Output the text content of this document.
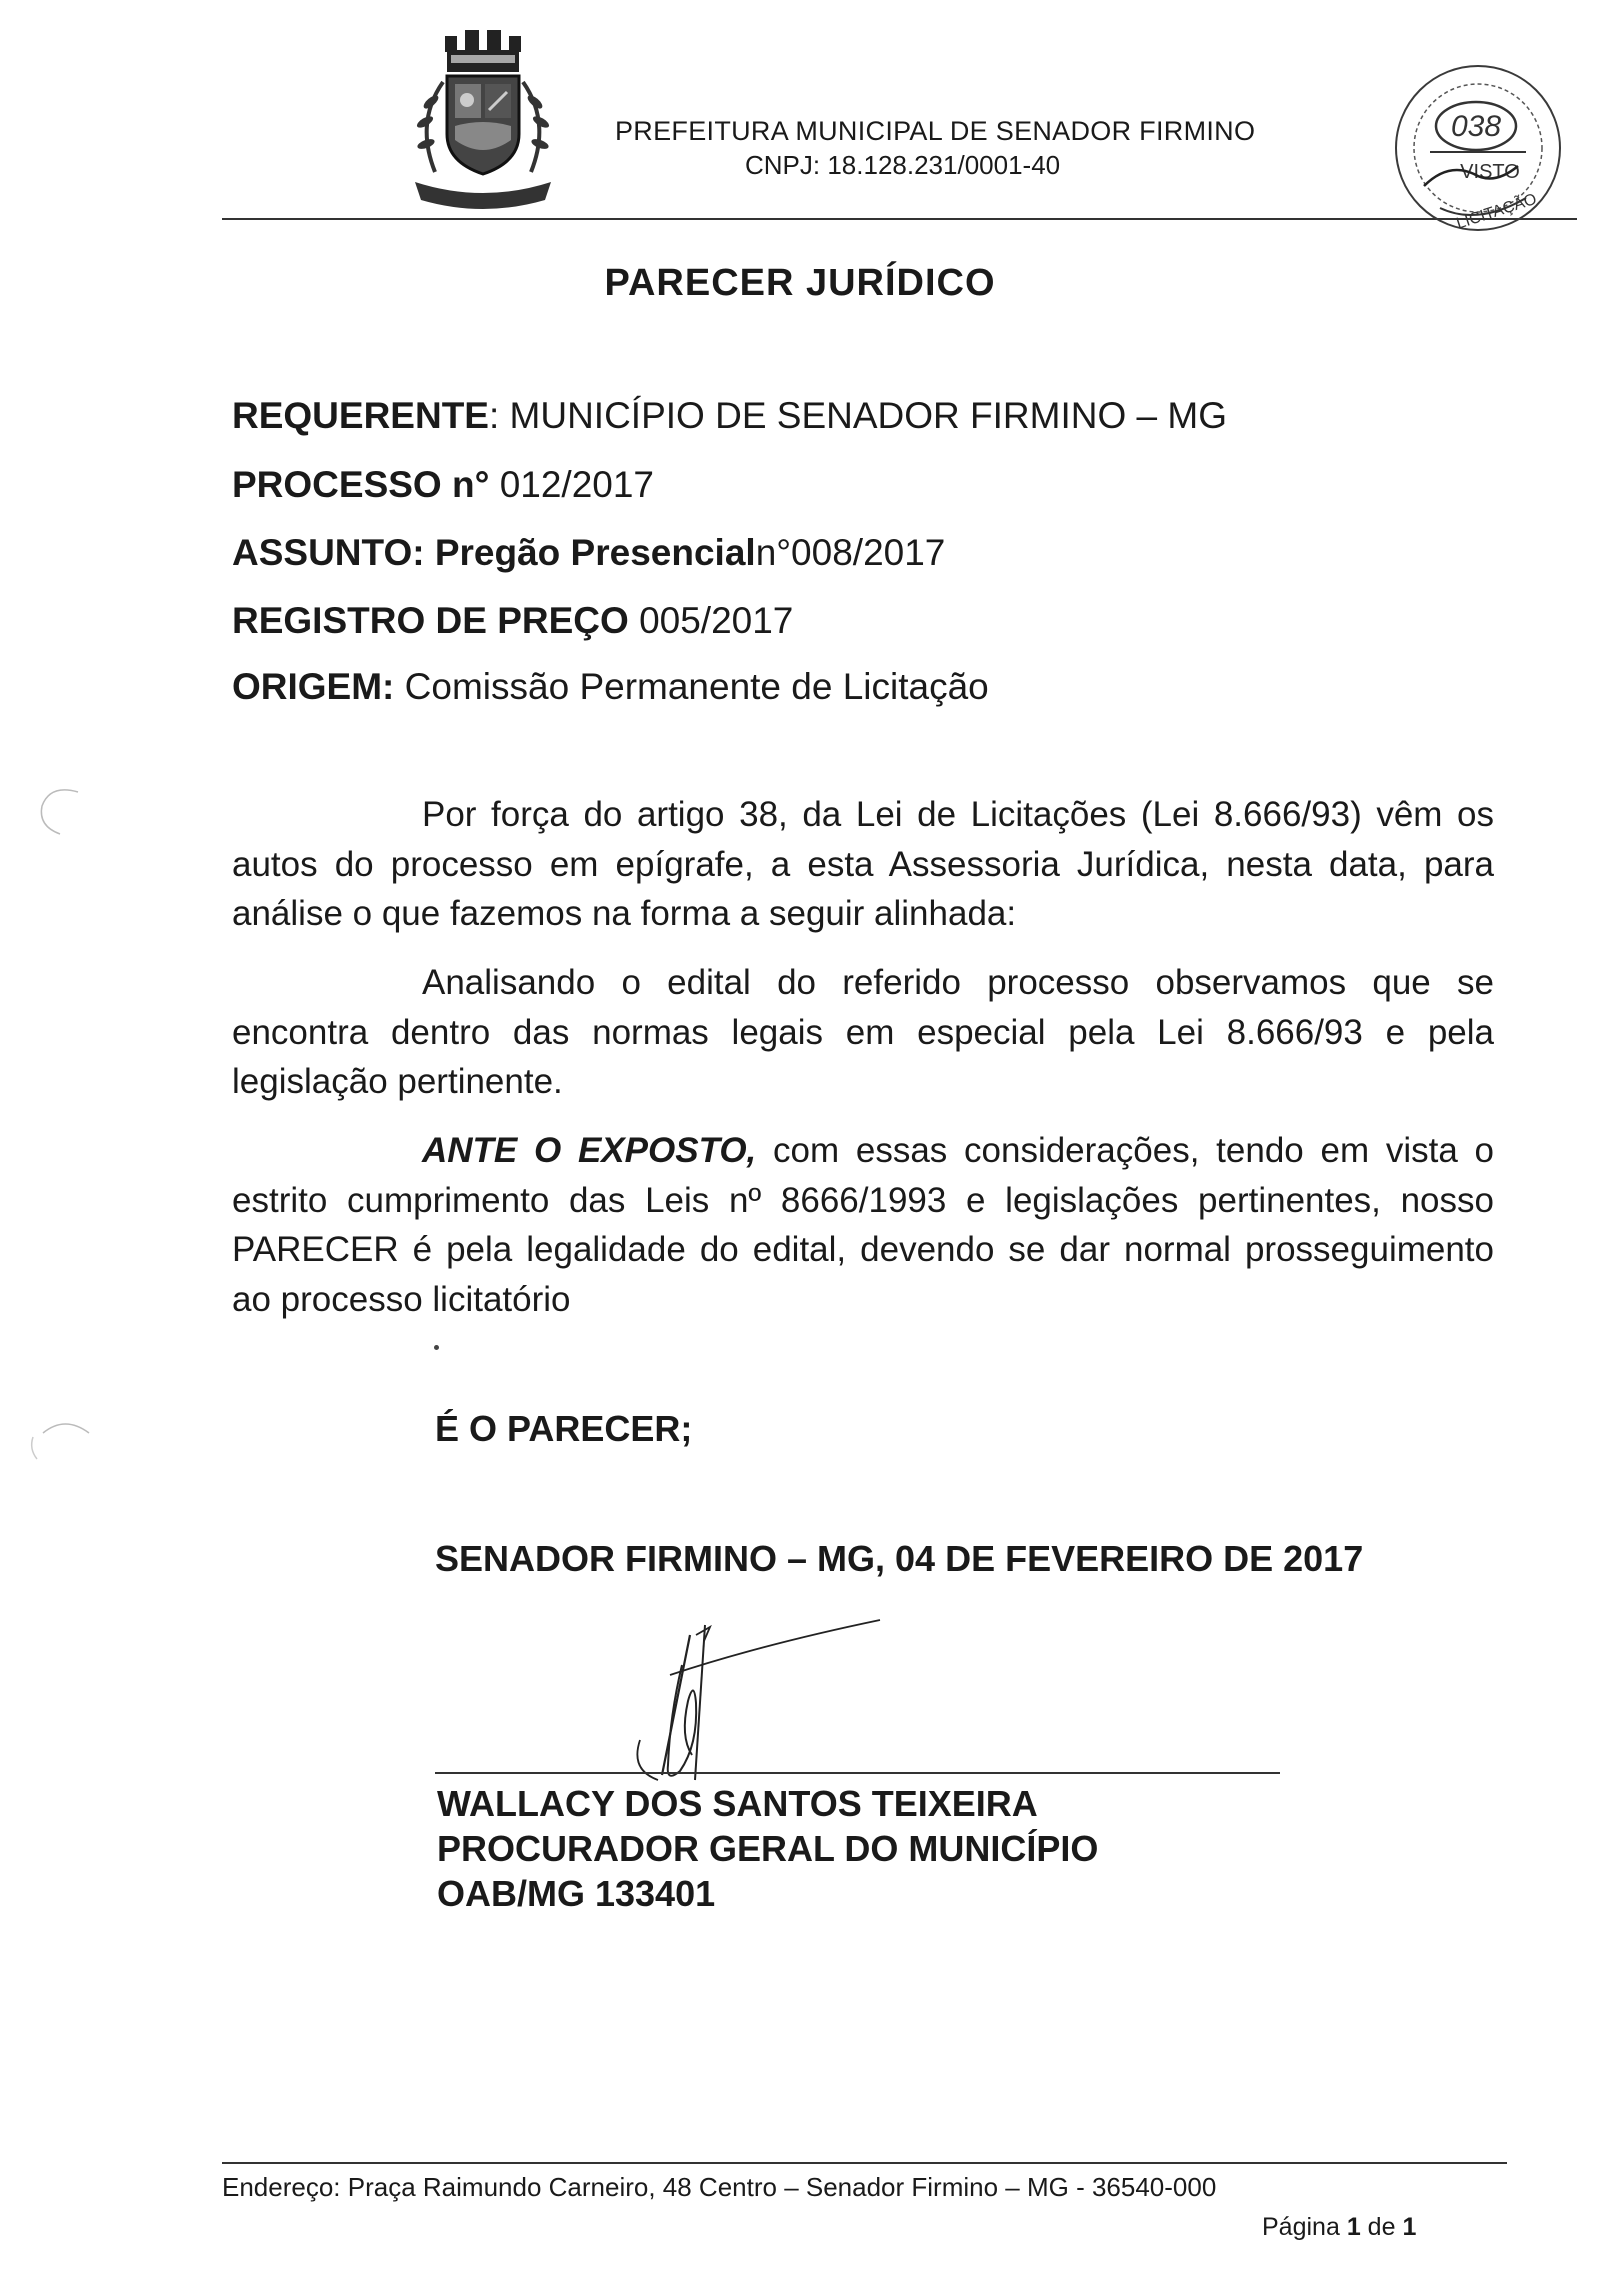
PREFEITURA MUNICIPAL DE SENADOR FIRMINO
CNPJ: 18.128.231/0001-40
038
VISTO
LICITAÇÃO
PARECER JURÍDICO
REQUERENTE: MUNICÍPIO DE SENADOR FIRMINO – MG
PROCESSO n° 012/2017
ASSUNTO: Pregão Presencialn°008/2017
REGISTRO DE PREÇO 005/2017
ORIGEM: Comissão Permanente de Licitação
Por força do artigo 38, da Lei de Licitações (Lei 8.666/93) vêm os autos do processo em epígrafe, a esta Assessoria Jurídica, nesta data, para análise o que fazemos na forma a seguir alinhada:
Analisando o edital do referido processo observamos que se encontra dentro das normas legais em especial pela Lei 8.666/93 e pela legislação pertinente.
ANTE O EXPOSTO, com essas considerações, tendo em vista o estrito cumprimento das Leis nº 8666/1993 e legislações pertinentes, nosso PARECER é pela legalidade do edital, devendo se dar normal prosseguimento ao processo licitatório
É O PARECER;
SENADOR FIRMINO – MG, 04 DE FEVEREIRO DE 2017
WALLACY DOS SANTOS TEIXEIRA
PROCURADOR GERAL DO MUNICÍPIO
OAB/MG 133401
Endereço: Praça Raimundo Carneiro, 48 Centro – Senador Firmino – MG - 36540-000
Página 1 de 1
